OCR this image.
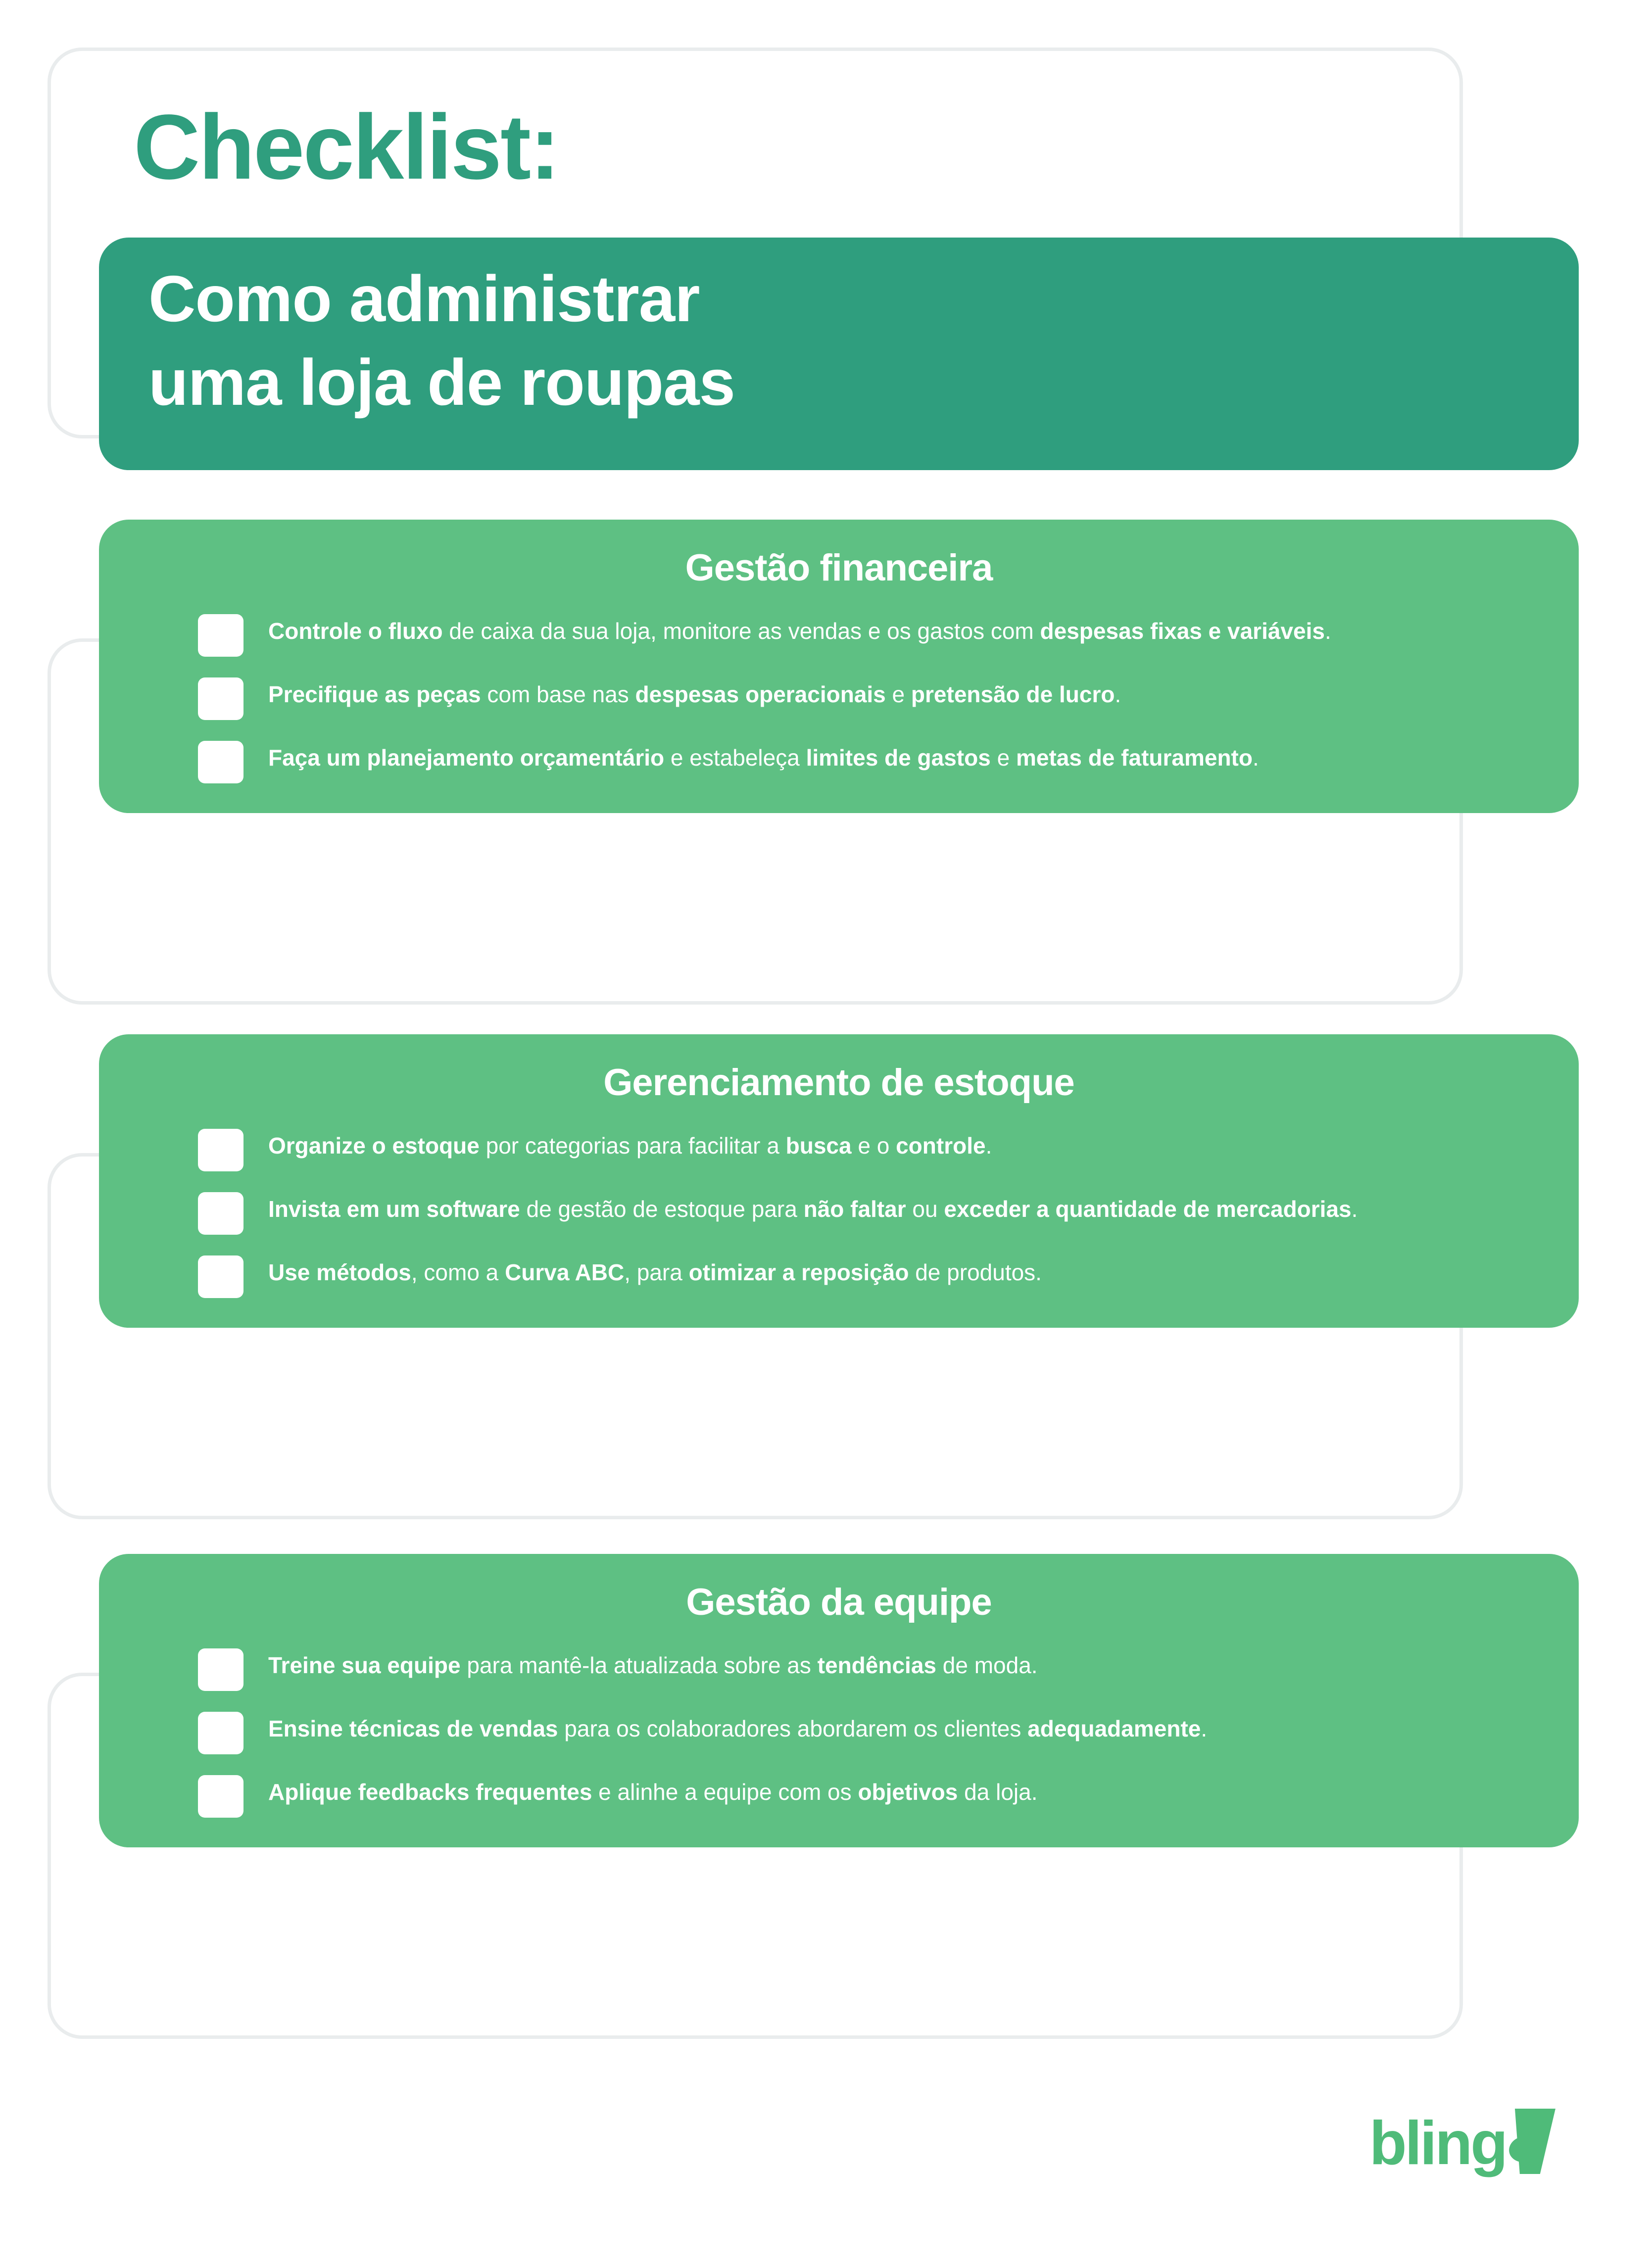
Checklist:
Como administrar
uma loja de roupas
Gestão financeira
Controle o fluxo de caixa da sua loja, monitore as vendas e os gastos com despesas fixas e variáveis.
Precifique as peças com base nas despesas operacionais e pretensão de lucro.
Faça um planejamento orçamentário e estabeleça limites de gastos e metas de faturamento.
Gerenciamento de estoque
Organize o estoque por categorias para facilitar a busca e o controle.
Invista em um software de gestão de estoque para não faltar ou exceder a quantidade de mercadorias.
Use métodos, como a Curva ABC, para otimizar a reposição de produtos.
Gestão da equipe
Treine sua equipe para mantê-la atualizada sobre as tendências de moda.
Ensine técnicas de vendas para os colaboradores abordarem os clientes adequadamente.
Aplique feedbacks frequentes e alinhe a equipe com os objetivos da loja.
bling
